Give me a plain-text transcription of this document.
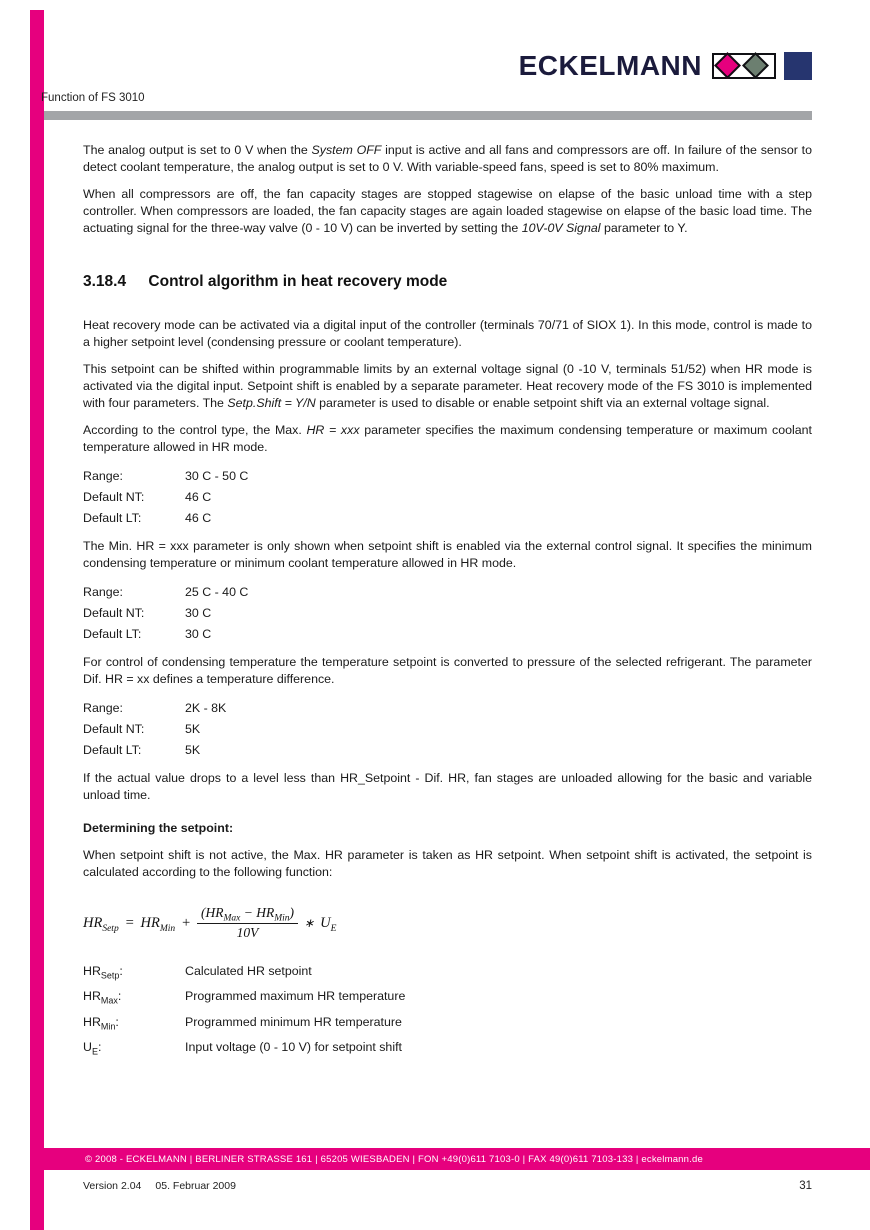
ECKELMANN
Function of FS 3010

The analog output is set to 0 V when the System OFF input is active and all fans and compressors are off. In failure of the sensor to detect coolant temperature, the analog output is set to 0 V. With variable-speed fans, speed is set to 80% maximum.

When all compressors are off, the fan capacity stages are stopped stagewise on elapse of the basic unload time with a step controller. When compressors are loaded, the fan capacity stages are again loaded stagewise on elapse of the basic load time. The actuating signal for the three-way valve (0 - 10 V) can be inverted by setting the 10V-0V Signal parameter to Y.

3.18.4 Control algorithm in heat recovery mode

Heat recovery mode can be activated via a digital input of the controller (terminals 70/71 of SIOX 1). In this mode, control is made to a higher setpoint level (condensing pressure or coolant temperature).

This setpoint can be shifted within programmable limits by an external voltage signal (0 -10 V, terminals 51/52) when HR mode is activated via the digital input. Setpoint shift is enabled by a separate parameter. Heat recovery mode of the FS 3010 is implemented with four parameters. The Setp.Shift = Y/N parameter is used to disable or enable setpoint shift via an external voltage signal.

According to the control type, the Max. HR = xxx parameter specifies the maximum condensing temperature or maximum coolant temperature allowed in HR mode.

Range:	30 C - 50 C
Default NT:	46 C
Default LT:	46 C

The Min. HR = xxx parameter is only shown when setpoint shift is enabled via the external control signal. It specifies the minimum condensing temperature or minimum coolant temperature allowed in HR mode.

Range:	25 C - 40 C
Default NT:	30 C
Default LT:	30 C

For control of condensing temperature the temperature setpoint is converted to pressure of the selected refrigerant. The parameter Dif. HR = xx defines a temperature difference.

Range:	2K - 8K
Default NT:	5K
Default LT:	5K

If the actual value drops to a level less than HR_Setpoint - Dif. HR, fan stages are unloaded allowing for the basic and variable unload time.

Determining the setpoint:

When setpoint shift is not active, the Max. HR parameter is taken as HR setpoint. When setpoint shift is activated, the setpoint is calculated according to the following function:

$HR_{Setp} = HR_{Min} + \frac{(HR_{Max} - HR_{Min})}{10V}$ ∗ $U_E$
$HR_{Setp}$:	Calculated HR setpoint
$HR_{Max}$:	Programmed maximum HR temperature
$HR_{Min}$:	Programmed minimum HR temperature
$U_E$:	Input voltage (0 - 10 V) for setpoint shift
© 2008 - ECKELMANN | BERLINER STRASSE 161 | 65205 WIESBADEN | FON +49(0)611 7103-0 | FAX 49(0)611 7103-133 | eckelmann.de
Version 2.04 05. Februar 2009	31
